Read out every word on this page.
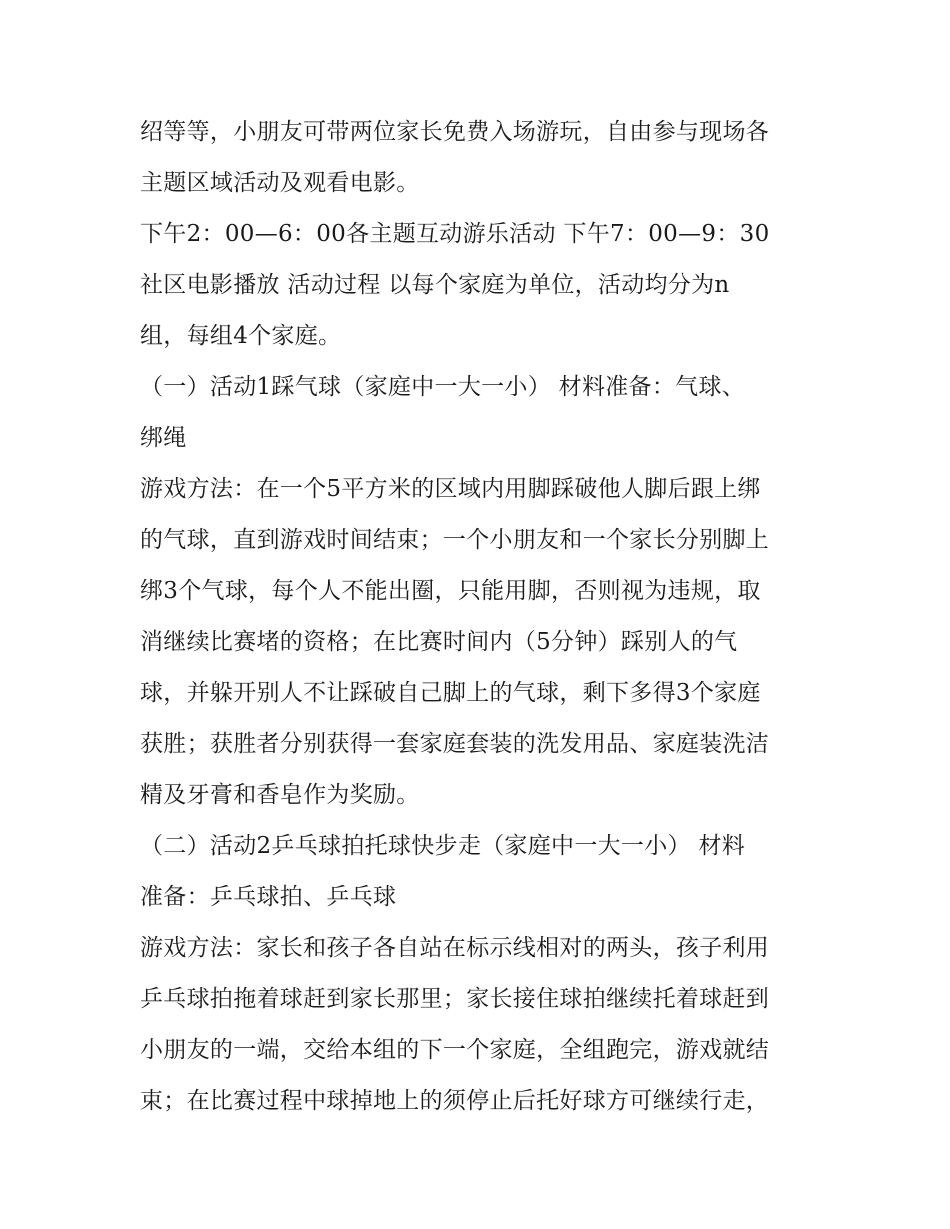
绍等等，小朋友可带两位家长免费入场游玩，自由参与现场各
主题区域活动及观看电影。
下午2：00—6：00各主题互动游乐活动 下午7：00—9：30
社区电影播放 活动过程 以每个家庭为单位，活动均分为n
组，每组4个家庭。
（一）活动1踩气球（家庭中一大一小） 材料准备：气球、
绑绳
游戏方法：在一个5平方米的区域内用脚踩破他人脚后跟上绑
的气球，直到游戏时间结束；一个小朋友和一个家长分别脚上
绑3个气球，每个人不能出圈，只能用脚，否则视为违规，取
消继续比赛堵的资格；在比赛时间内（5分钟）踩别人的气
球，并躲开别人不让踩破自己脚上的气球，剩下多得3个家庭
获胜；获胜者分别获得一套家庭套装的洗发用品、家庭装洗洁
精及牙膏和香皂作为奖励。
（二）活动2乒乓球拍托球快步走（家庭中一大一小） 材料
准备：乒乓球拍、乒乓球
游戏方法：家长和孩子各自站在标示线相对的两头，孩子利用
乒乓球拍拖着球赶到家长那里；家长接住球拍继续托着球赶到
小朋友的一端，交给本组的下一个家庭，全组跑完，游戏就结
束；在比赛过程中球掉地上的须停止后托好球方可继续行走，
